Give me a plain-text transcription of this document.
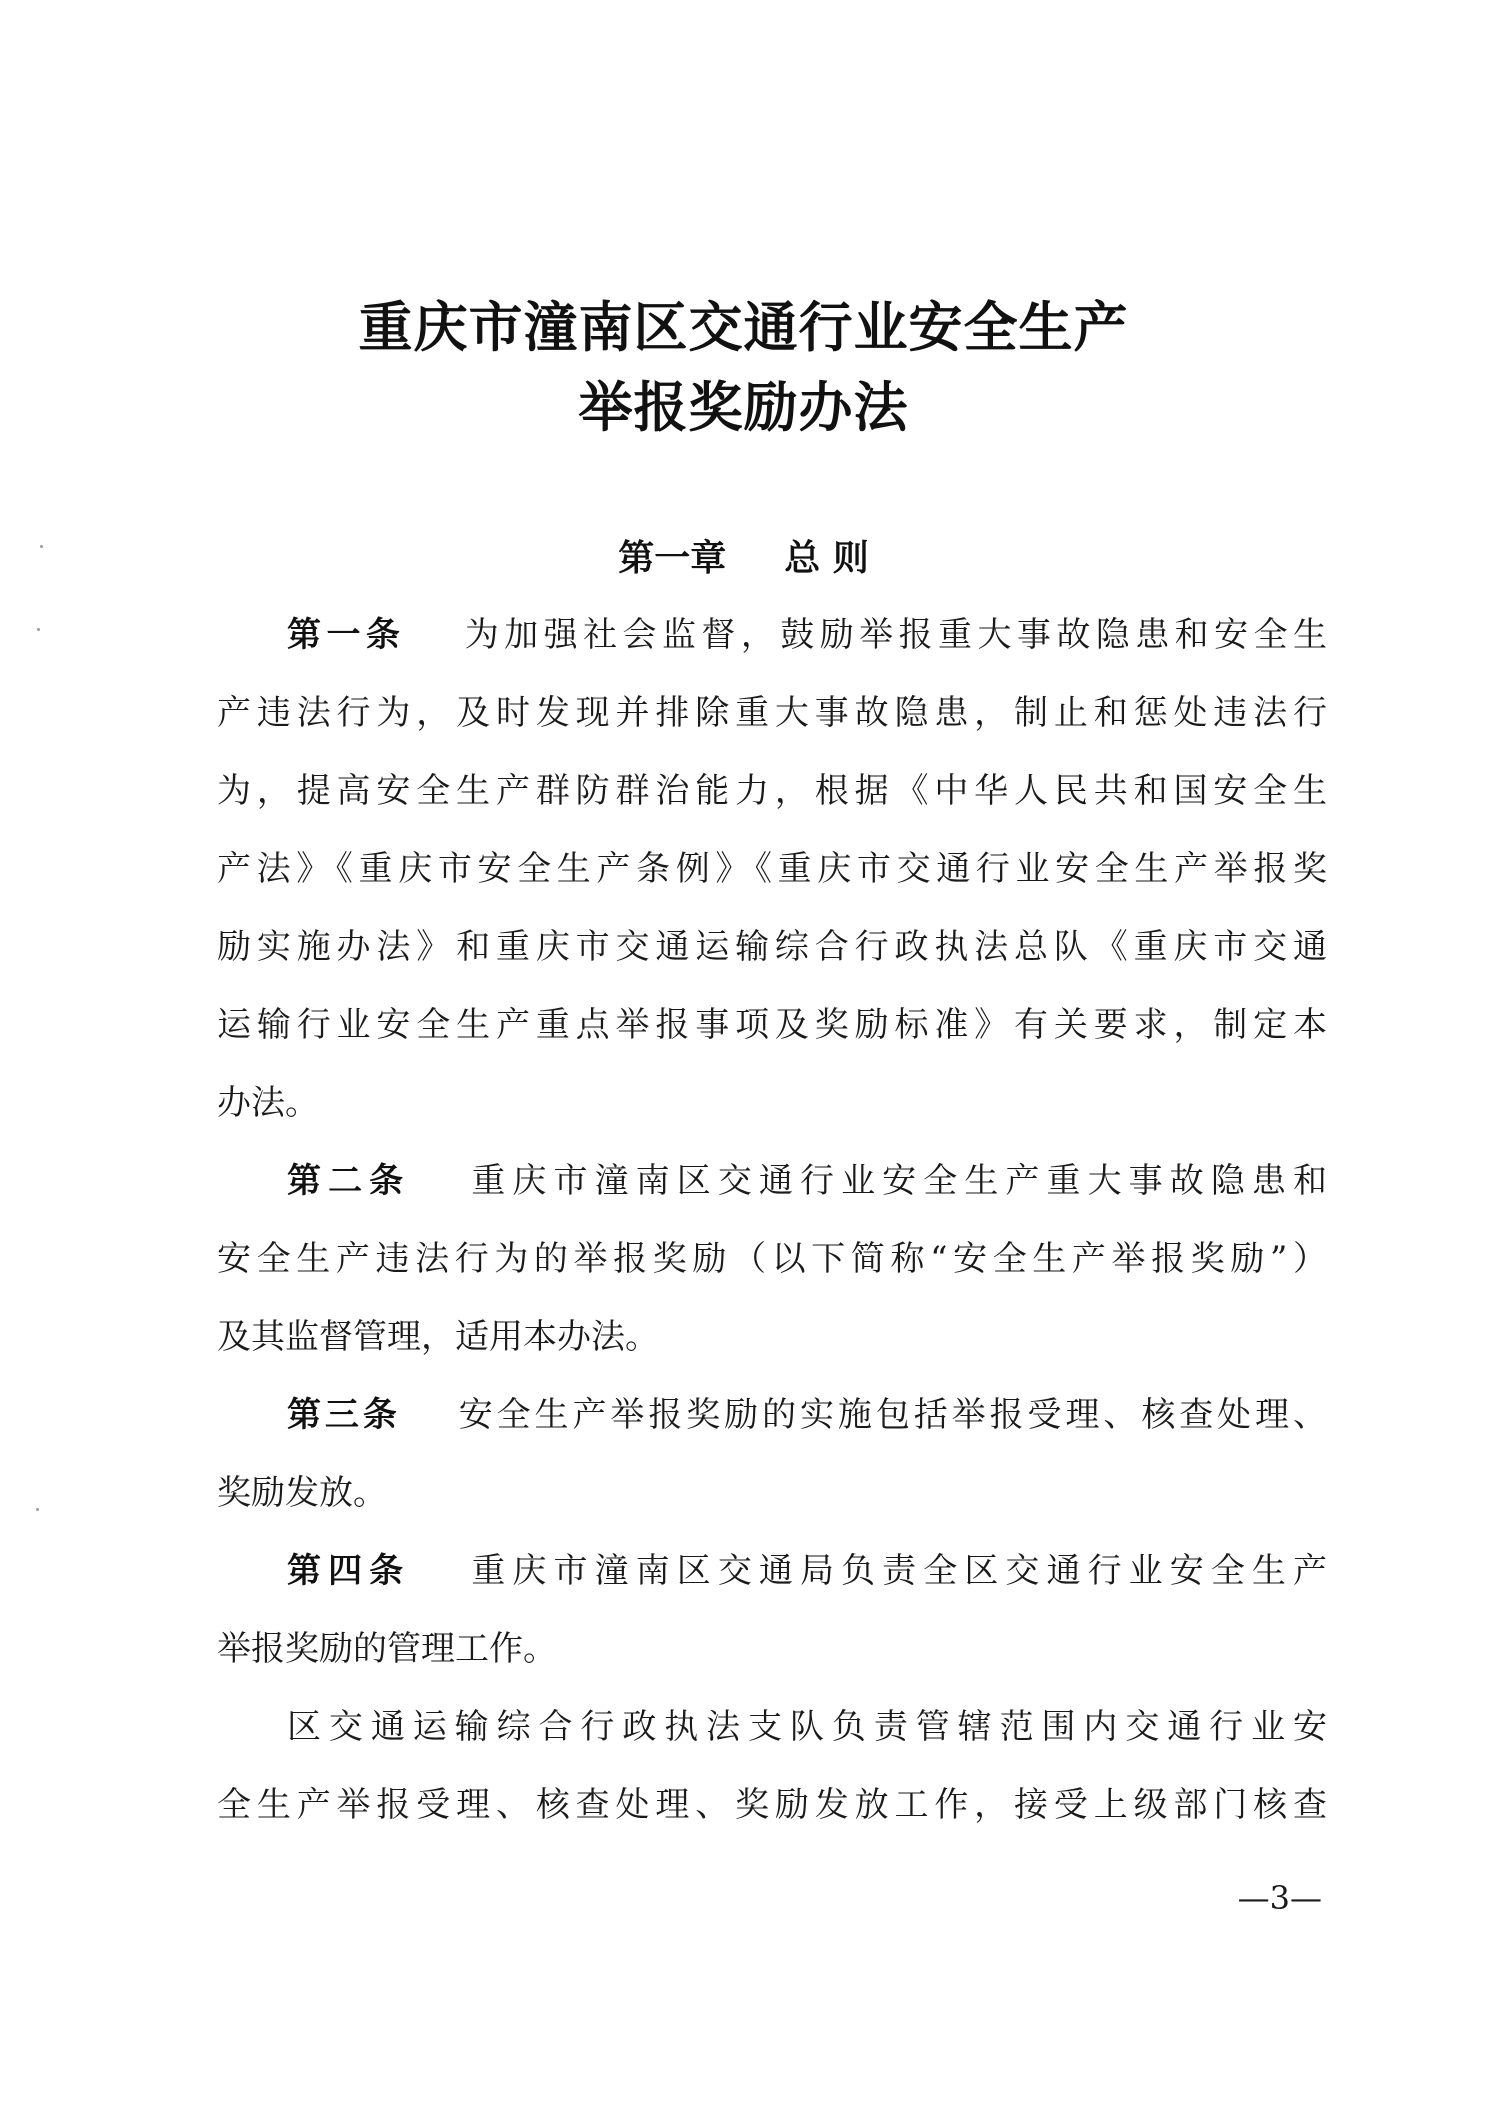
重庆市潼南区交通行业安全生产
举报奖励办法
第一章 总 则
第一条 为加强社会监督，鼓励举报重大事故隐患和安全生
产违法行为，及时发现并排除重大事故隐患，制止和惩处违法行
为，提高安全生产群防群治能力，根据《中华人民共和国安全生
产法》《重庆市安全生产条例》《重庆市交通行业安全生产举报奖
励实施办法》和重庆市交通运输综合行政执法总队《重庆市交通
运输行业安全生产重点举报事项及奖励标准》有关要求，制定本
办法。
第二条 重庆市潼南区交通行业安全生产重大事故隐患和
安全生产违法行为的举报奖励（以下简称“安全生产举报奖励”）
及其监督管理，适用本办法。
第三条 安全生产举报奖励的实施包括举报受理、核查处理、
奖励发放。
第四条 重庆市潼南区交通局负责全区交通行业安全生产
举报奖励的管理工作。
区交通运输综合行政执法支队负责管辖范围内交通行业安
全生产举报受理、核查处理、奖励发放工作，接受上级部门核查
—3—
